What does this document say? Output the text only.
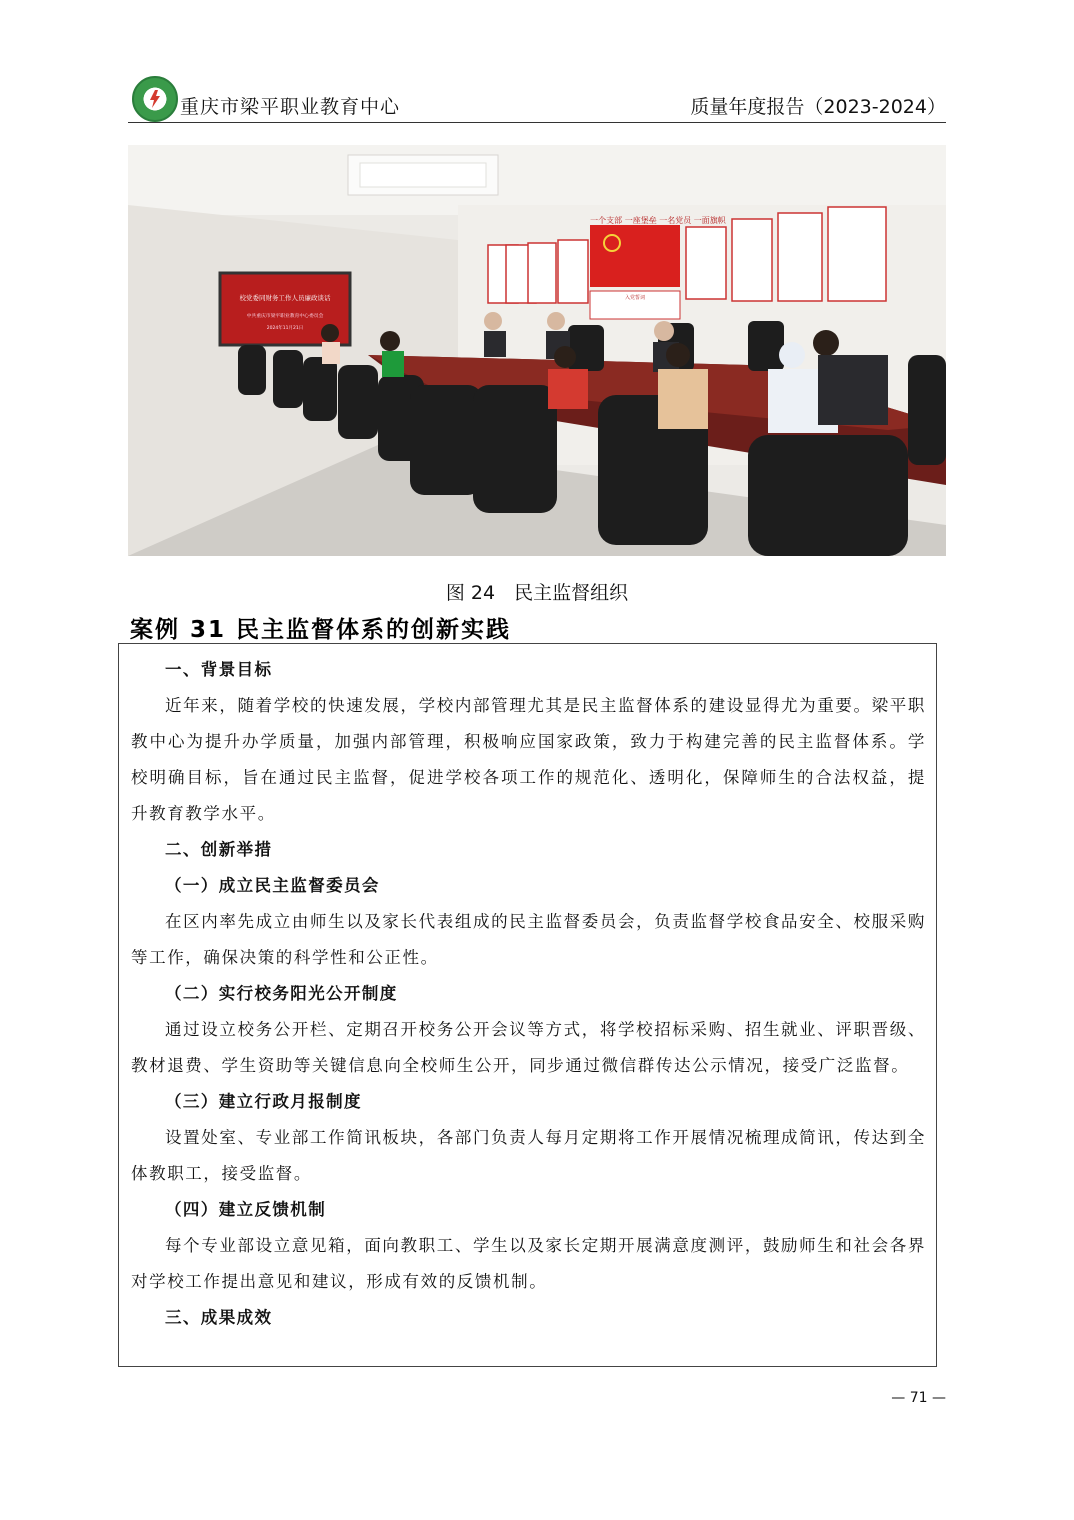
重庆市梁平职业教育中心	质量年度报告（2023-2024）
校党委同财务工作人员廉政谈话
中共重庆市梁平职业教育中心委员会
2024年11月21日
一个支部 一座堡垒 一名党员 一面旗帜
入党誓词
图 24　民主监督组织
案例 31 民主监督体系的创新实践
一、背景目标
近年来，随着学校的快速发展，学校内部管理尤其是民主监督体系的建设显得尤为重要。梁平职教中心为提升办学质量，加强内部管理，积极响应国家政策，致力于构建完善的民主监督体系。学校明确目标，旨在通过民主监督，促进学校各项工作的规范化、透明化，保障师生的合法权益，提升教育教学水平。
二、创新举措
（一）成立民主监督委员会
在区内率先成立由师生以及家长代表组成的民主监督委员会，负责监督学校食品安全、校服采购等工作，确保决策的科学性和公正性。
（二）实行校务阳光公开制度
通过设立校务公开栏、定期召开校务公开会议等方式，将学校招标采购、招生就业、评职晋级、教材退费、学生资助等关键信息向全校师生公开，同步通过微信群传达公示情况，接受广泛监督。
（三）建立行政月报制度
设置处室、专业部工作简讯板块，各部门负责人每月定期将工作开展情况梳理成简讯，传达到全体教职工，接受监督。
（四）建立反馈机制
每个专业部设立意见箱，面向教职工、学生以及家长定期开展满意度测评，鼓励师生和社会各界对学校工作提出意见和建议，形成有效的反馈机制。
三、成果成效
— 71 —
